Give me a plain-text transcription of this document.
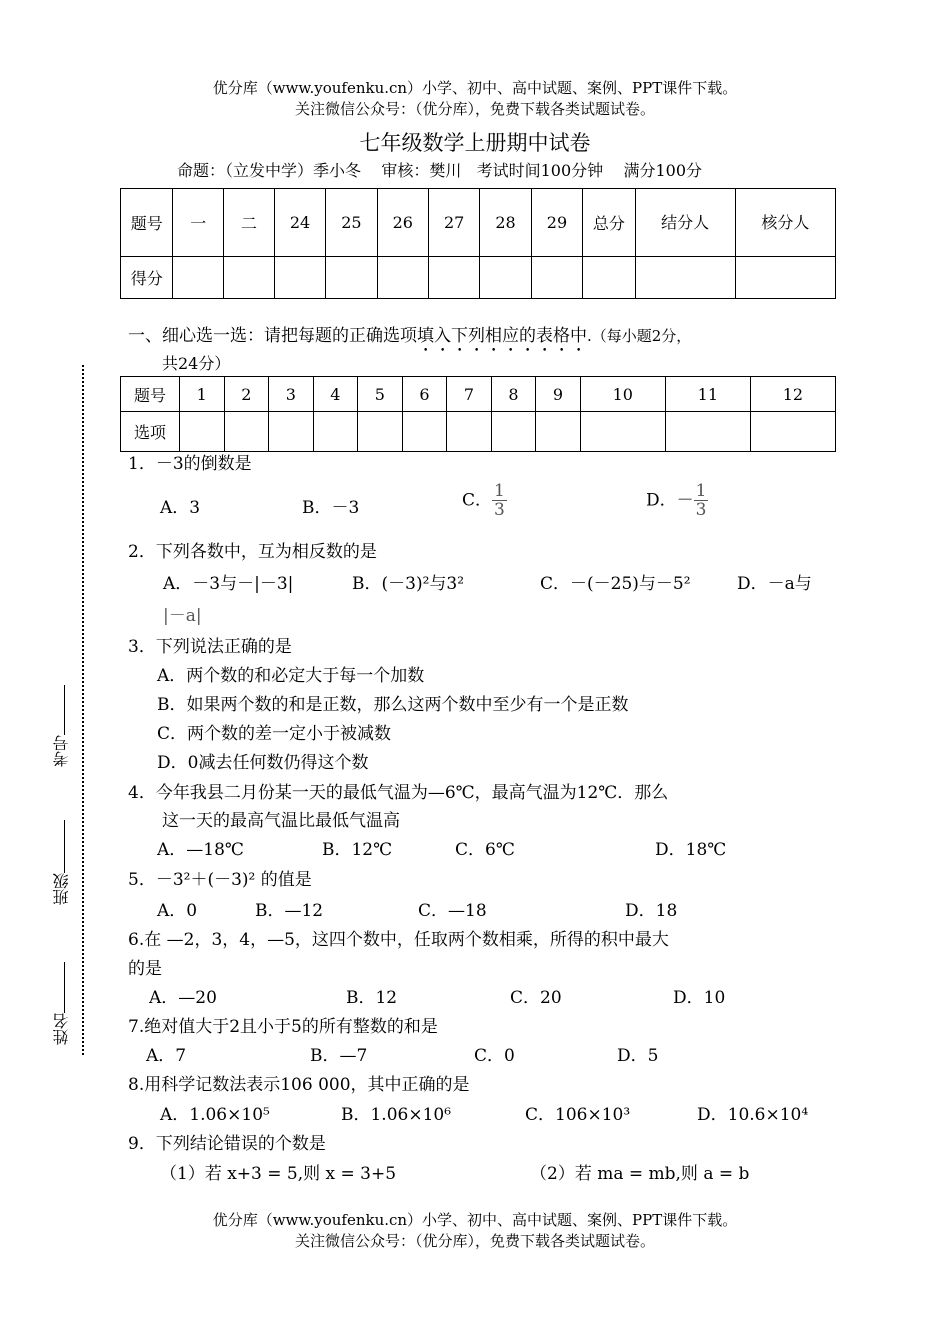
优分库（www.youfenku.cn）小学、初中、高中试题、案例、PPT课件下载。
关注微信公众号：（优分库），免费下载各类试题试卷。
七年级数学上册期中试卷
命题：（立发中学）季小冬    审核：樊川   考试时间100分钟    满分100分
题号	一	二	24	25	26	27	28	29	总分	结分人	核分人
得分											
一、细心选一选：请把每题的正确选项填入下列相应的表格中.（每小题2分，
共24分）
题号	1	2	3	4	5	6	7	8	9	10	11	12
选项												
1．－3的倒数是
A．3	B．－3	C． $\frac{1}{3}$	D．－ $\frac{1}{3}$
2．下列各数中，互为相反数的是
A．－3与－|－3|	B．(－3)²与3²	C．－(－25)与－5²	D．－a与
|－a|
3．下列说法正确的是
A．两个数的和必定大于每一个加数
B．如果两个数的和是正数，那么这两个数中至少有一个是正数
C．两个数的差一定小于被减数
D．0减去任何数仍得这个数
4．今年我县二月份某一天的最低气温为—6℃，最高气温为12℃．那么
这一天的最高气温比最低气温高
A．—18℃	B．12℃	C．6℃	D．18℃
5．－3²＋(－3)² 的值是
A．0	B．—12	C．—18	D．18
6.在 —2，3，4，—5，这四个数中，任取两个数相乘，所得的积中最大
的是
A．—20	B．12	C．20	D．10
7.绝对值大于2且小于5的所有整数的和是
A．7	B．—7	C．0	D．5
8.用科学记数法表示106 000，其中正确的是
A．1.06×10⁵	B．1.06×10⁶	C．106×10³	D．10.6×10⁴
9．下列结论错误的个数是
（1）若 x+3 = 5,则 x = 3+5	（2）若 ma = mb,则 a = b
考号
班级
姓名
优分库（www.youfenku.cn）小学、初中、高中试题、案例、PPT课件下载。
关注微信公众号：（优分库），免费下载各类试题试卷。
